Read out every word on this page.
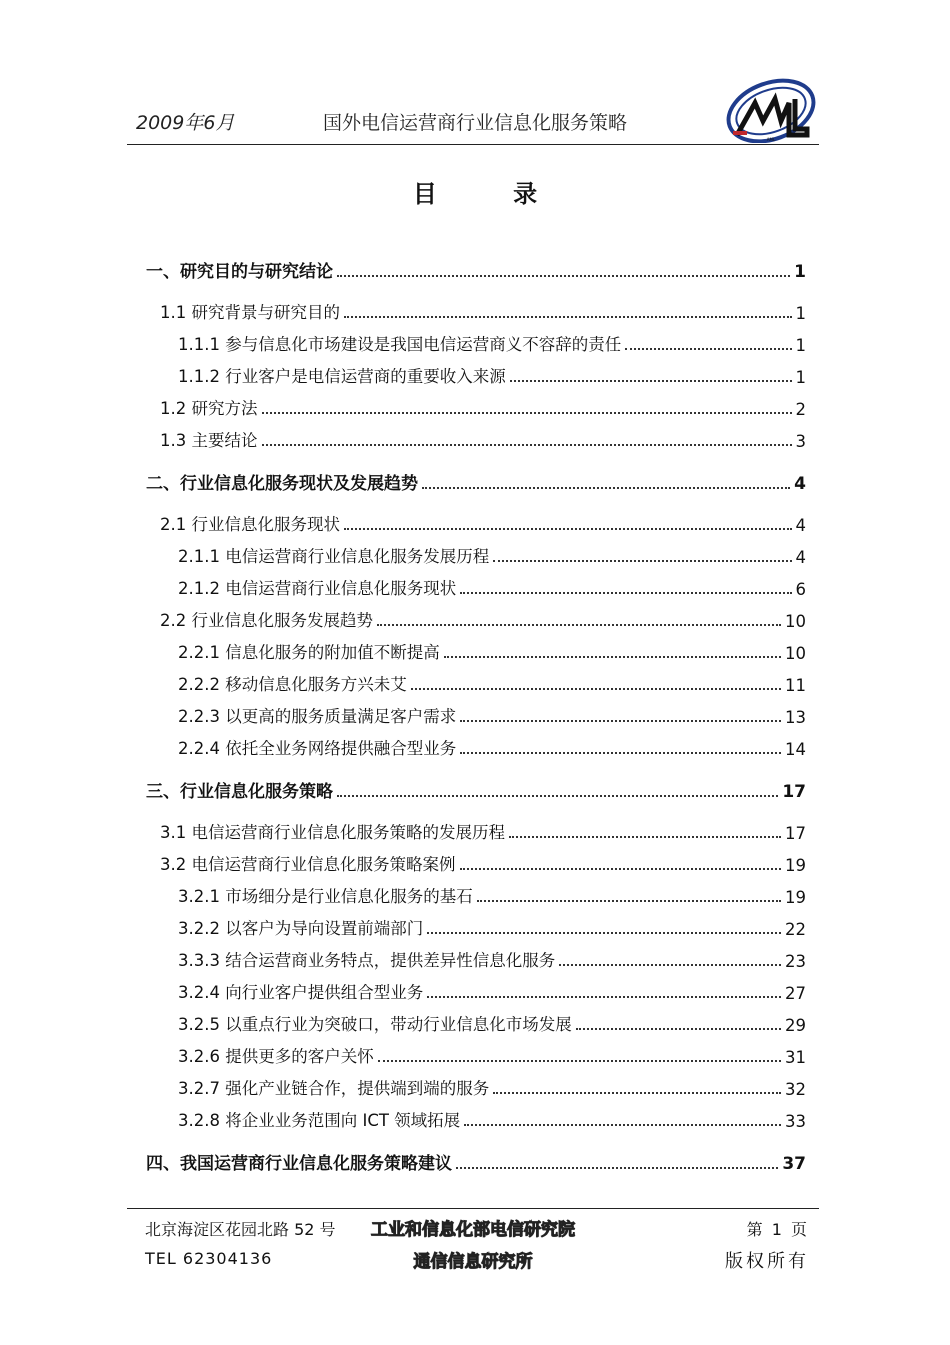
2009年6月	国外电信运营商行业信息化服务策略
AML
目 录
一、研究目的与研究结论	1
1.1 研究背景与研究目的	1
1.1.1 参与信息化市场建设是我国电信运营商义不容辞的责任	1
1.1.2 行业客户是电信运营商的重要收入来源	1
1.2 研究方法	2
1.3 主要结论	3
二、行业信息化服务现状及发展趋势	4
2.1 行业信息化服务现状	4
2.1.1 电信运营商行业信息化服务发展历程	4
2.1.2 电信运营商行业信息化服务现状	6
2.2 行业信息化服务发展趋势	10
2.2.1 信息化服务的附加值不断提高	10
2.2.2 移动信息化服务方兴未艾	11
2.2.3 以更高的服务质量满足客户需求	13
2.2.4 依托全业务网络提供融合型业务	14
三、行业信息化服务策略	17
3.1 电信运营商行业信息化服务策略的发展历程	17
3.2 电信运营商行业信息化服务策略案例	19
3.2.1 市场细分是行业信息化服务的基石	19
3.2.2 以客户为导向设置前端部门	22
3.3.3 结合运营商业务特点，提供差异性信息化服务	23
3.2.4 向行业客户提供组合型业务	27
3.2.5 以重点行业为突破口，带动行业信息化市场发展	29
3.2.6 提供更多的客户关怀	31
3.2.7 强化产业链合作，提供端到端的服务	32
3.2.8 将企业业务范围向 ICT 领域拓展	33
四、我国运营商行业信息化服务策略建议	37
北京海淀区花园北路 52 号
TEL 62304136
工业和信息化部电信研究院
通信信息研究所
第 1 页
版权所有
